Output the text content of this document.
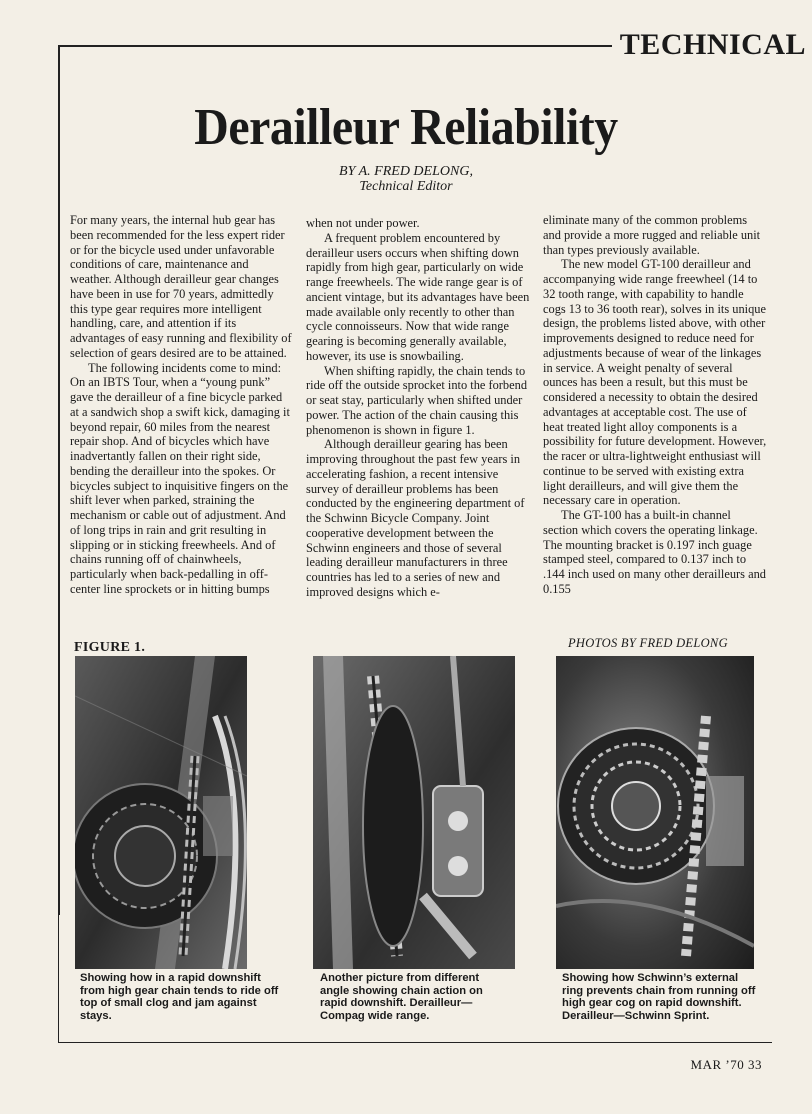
TECHNICAL
Derailleur Reliability
BY A. FRED DELONG,
Technical Editor

For many years, the internal hub gear has been recommended for the less expert rider or for the bicycle used under unfavorable conditions of care, maintenance and weather. Although derailleur gear changes have been in use for 70 years, admittedly this type gear requires more intelligent handling, care, and attention if its advantages of easy running and flexibility of selection of gears desired are to be attained.

The following incidents come to mind: On an IBTS Tour, when a “young punk” gave the derailleur of a fine bicycle parked at a sandwich shop a swift kick, damaging it beyond repair, 60 miles from the nearest repair shop. And of bicycles which have inadvertantly fallen on their right side, bending the derailleur into the spokes. Or bicycles subject to inquisitive fingers on the shift lever when parked, straining the mechanism or cable out of adjustment. And of long trips in rain and grit resulting in slipping or in sticking freewheels. And of chains running off of chainwheels, particularly when back-pedalling in off-center line sprockets or in hitting bumps

when not under power.

A frequent problem encountered by derailleur users occurs when shifting down rapidly from high gear, particularly on wide range freewheels. The wide range gear is of ancient vintage, but its advantages have been made available only recently to other than cycle connoisseurs. Now that wide range gearing is becoming generally available, however, its use is snowbailing.

When shifting rapidly, the chain tends to ride off the outside sprocket into the forbend or seat stay, particularly when shifted under power. The action of the chain causing this phenomenon is shown in figure 1.

Although derailleur gearing has been improving throughout the past few years in accelerating fashion, a recent intensive survey of derailleur problems has been conducted by the engineering department of the Schwinn Bicycle Company. Joint cooperative development between the Schwinn engineers and those of several leading derailleur manufacturers in three countries has led to a series of new and improved designs which e-

eliminate many of the common problems and provide a more rugged and reliable unit than types previously available.

The new model GT-100 derailleur and accompanying wide range freewheel (14 to 32 tooth range, with capability to handle cogs 13 to 36 tooth rear), solves in its unique design, the problems listed above, with other improvements designed to reduce need for adjustments because of wear of the linkages in service. A weight penalty of several ounces has been a result, but this must be considered a necessity to obtain the desired advantages at acceptable cost. The use of heat treated light alloy components is a possibility for future development. However, the racer or ultra-lightweight enthusiast will continue to be served with existing extra light derailleurs, and will give them the necessary care in operation.

The GT-100 has a built-in channel section which covers the operating linkage. The mounting bracket is 0.197 inch guage stamped steel, compared to 0.137 inch to .144 inch used on many other derailleurs and 0.155

FIGURE 1.	PHOTOS BY FRED DELONG
Showing how in a rapid downshift from high gear chain tends to ride off top of small clog and jam against stays.
Another picture from different angle showing chain action on rapid downshift. Derailleur—Compag wide range.
Showing how Schwinn’s external ring prevents chain from running off high gear cog on rapid downshift. Derailleur—Schwinn Sprint.
MAR ’70 33
